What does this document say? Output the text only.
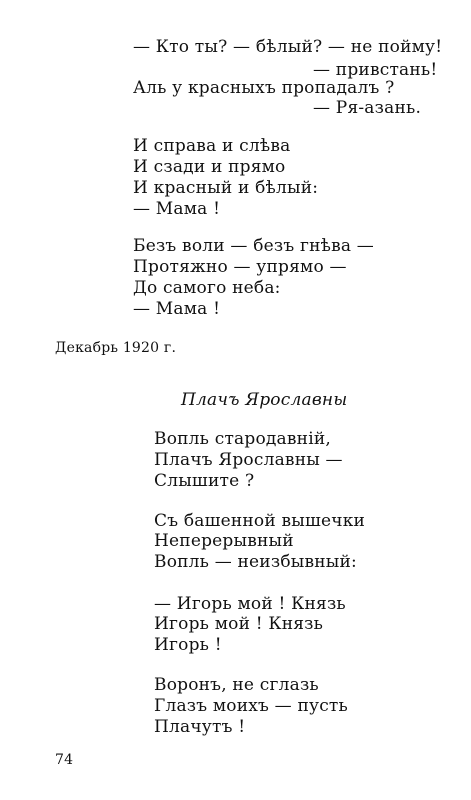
— Кто ты? — бѣлый? — не пойму!
— привстань!
Аль у красныхъ пропадалъ ?
— Ря-азань.
И справа и слѣва
И сзади и прямо
И красный и бѣлый:
— Мама !
Безъ воли — безъ гнѣва —
Протяжно — упрямо —
До самого неба:
— Мама !
Декабрь 1920 г.
Плачъ Ярославны
Вопль стародавній,
Плачъ Ярославны —
Слышите ?
Съ башенной вышечки
Неперерывный
Вопль — неизбывный:
— Игорь мой ! Князь
Игорь мой ! Князь
Игорь !
Воронъ, не сглазь
Глазъ моихъ — пусть
Плачутъ !
74
